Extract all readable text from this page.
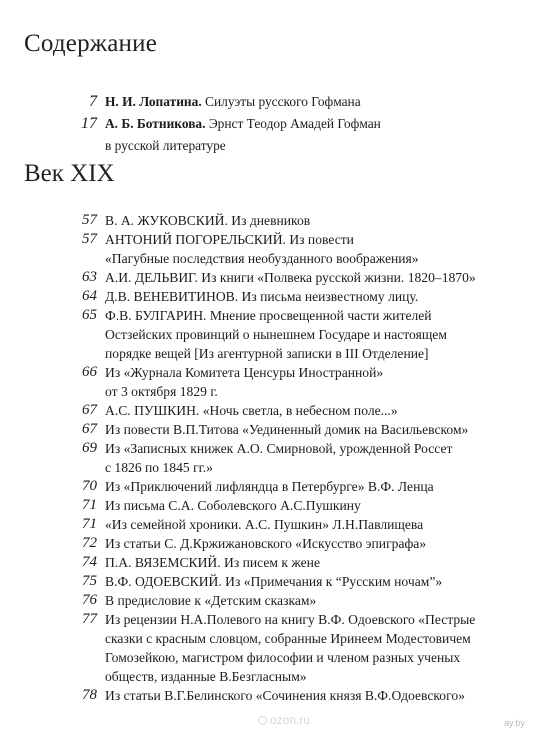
Содержание
7 Н. И. Лопатина. Силуэты русского Гофмана
17 А. Б. Ботникова. Эрнст Теодор Амадей Гофман
в русской литературе
Век XIX
57 В. А. ЖУКОВСКИЙ. Из дневников
57 АНТОНИЙ ПОГОРЕЛЬСКИЙ. Из повести
«Пагубные последствия необузданного воображения»
63 А.И. ДЕЛЬВИГ. Из книги «Полвека русской жизни. 1820–1870»
64 Д.В. ВЕНЕВИТИНОВ. Из письма неизвестному лицу.
65 Ф.В. БУЛГАРИН. Мнение просвещенной части жителей
Остзейских провинций о нынешнем Государе и настоящем
порядке вещей [Из агентурной записки в III Отделение]
66 Из «Журнала Комитета Ценсуры Иностранной»
от 3 октября 1829 г.
67 А.С. ПУШКИН. «Ночь светла, в небесном поле...»
67 Из повести В.П.Титова «Уединенный домик на Васильевском»
69 Из «Записных книжек А.О. Смирновой, урожденной Россет
с 1826 по 1845 гг.»
70 Из «Приключений лифляндца в Петербурге» В.Ф. Ленца
71 Из письма С.А. Соболевского А.С.Пушкину
71 «Из семейной хроники. А.С. Пушкин» Л.Н.Павлищева
72 Из статьи С. Д.Кржижановского «Искусство эпиграфа»
74 П.А. ВЯЗЕМСКИЙ. Из писем к жене
75 В.Ф. ОДОЕВСКИЙ. Из «Примечания к “Русским ночам”»
76 В предисловие к «Детским сказкам»
77 Из рецензии Н.А.Полевого на книгу В.Ф. Одоевского «Пестрые
сказки с красным словцом, собранные Иринеем Модестовичем
Гомозейкою, магистром философии и членом разных ученых
обществ, изданные В.Безгласным»
78 Из статьи В.Г.Белинского «Сочинения князя В.Ф.Одоевского»
ozon.ru	ay.by
